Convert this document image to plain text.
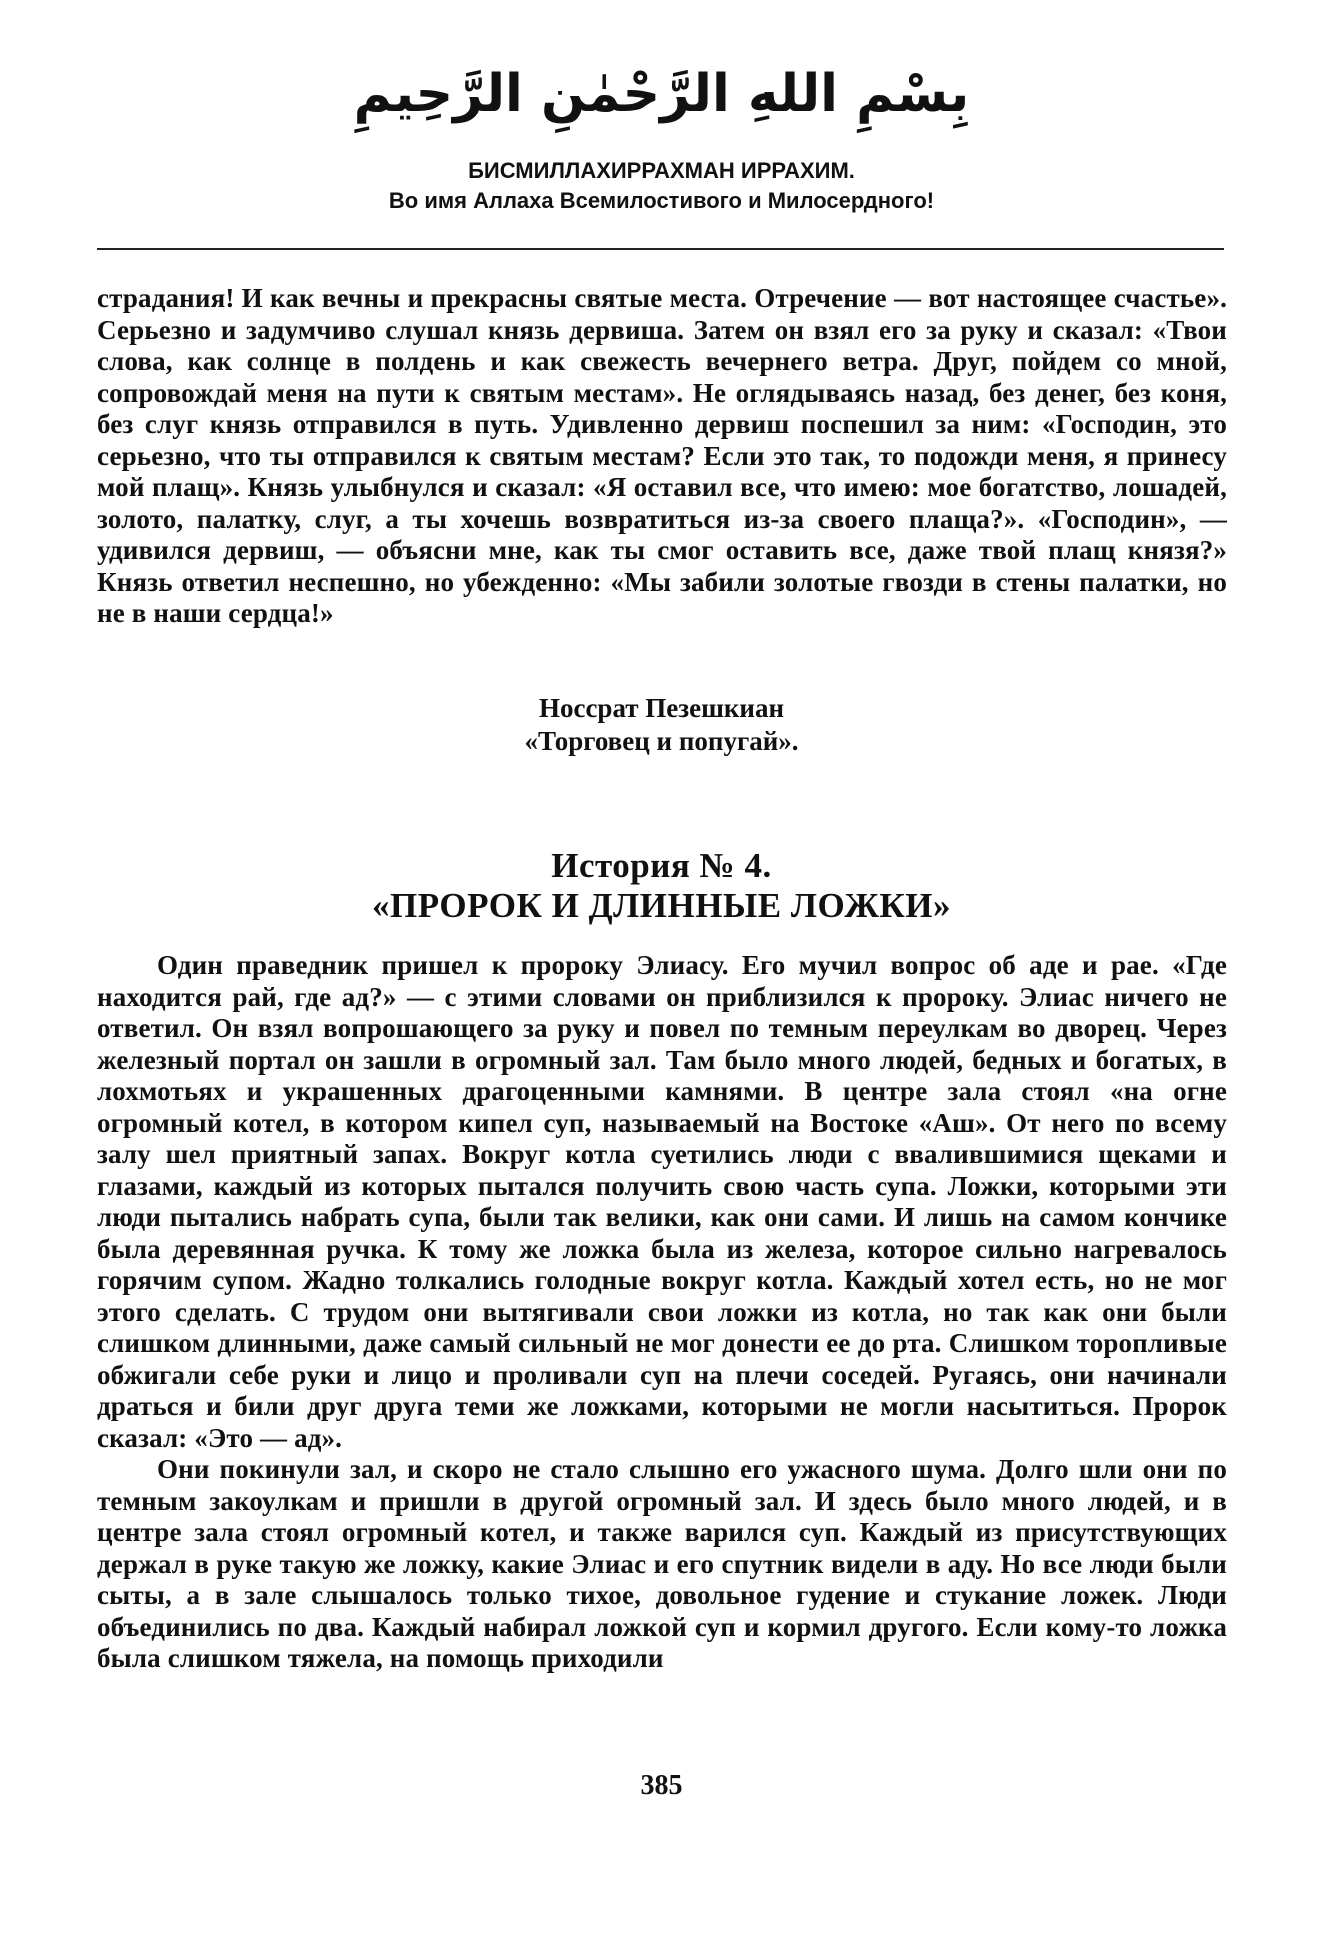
بِسْمِ اللهِ الرَّحْمٰنِ الرَّحِيمِ

БИСМИЛЛАХИРРАХМАН ИРРАХИМ.

Во имя Аллаха Всемилостивого и Милосердного!

страдания! И как вечны и прекрасны святые места. Отречение — вот настоящее счастье». Серьезно и задумчиво слушал князь дервиша. Затем он взял его за руку и сказал: «Твои слова, как солнце в полдень и как свежесть вечернего ветра. Друг, пойдем со мной, сопровождай меня на пути к святым местам». Не оглядываясь назад, без денег, без коня, без слуг князь отправился в путь. Удивленно дервиш поспешил за ним: «Господин, это серьезно, что ты отправился к святым местам? Если это так, то подожди меня, я принесу мой плащ». Князь улыбнулся и сказал: «Я оставил все, что имею: мое богатство, лошадей, золото, палатку, слуг, а ты хочешь возвратиться из-за своего плаща?». «Господин», — удивился дервиш, — объясни мне, как ты смог оставить все, даже твой плащ князя?» Князь ответил неспешно, но убежденно: «Мы забили золотые гвозди в стены палатки, но не в наши сердца!»

Носсрат Пезешкиан

«Торговец и попугай».

История № 4.

«ПРОРОК И ДЛИННЫЕ ЛОЖКИ»

Один праведник пришел к пророку Элиасу. Его мучил вопрос об аде и рае. «Где находится рай, где ад?» — с этими словами он приблизился к пророку. Элиас ничего не ответил. Он взял вопрошающего за руку и повел по темным переулкам во дворец. Через железный портал он зашли в огромный зал. Там было много людей, бедных и богатых, в лохмотьях и украшенных драгоценными камнями. В центре зала стоял «на огне огромный котел, в котором кипел суп, называемый на Востоке «Аш». От него по всему залу шел приятный запах. Вокруг котла суетились люди с ввалившимися щеками и глазами, каждый из которых пытался получить свою часть супа. Ложки, которыми эти люди пытались набрать супа, были так велики, как они сами. И лишь на самом кончике была деревянная ручка. К тому же ложка была из железа, которое сильно нагревалось горячим супом. Жадно толкались голодные вокруг котла. Каждый хотел есть, но не мог этого сделать. С трудом они вытягивали свои ложки из котла, но так как они были слишком длинными, даже самый сильный не мог донести ее до рта. Слишком торопливые обжигали себе руки и лицо и проливали суп на плечи соседей. Ругаясь, они начинали драться и били друг друга теми же ложками, которыми не могли насытиться. Пророк сказал: «Это — ад».

Они покинули зал, и скоро не стало слышно его ужасного шума. Долго шли они по темным закоулкам и пришли в другой огромный зал. И здесь было много людей, и в центре зала стоял огромный котел, и также варился суп. Каждый из присутствующих держал в руке такую же ложку, какие Элиас и его спутник видели в аду. Но все люди были сыты, а в зале слышалось только тихое, довольное гудение и стукание ложек. Люди объединились по два. Каждый набирал ложкой суп и кормил другого. Если кому-то ложка была слишком тяжела, на помощь приходили

385
